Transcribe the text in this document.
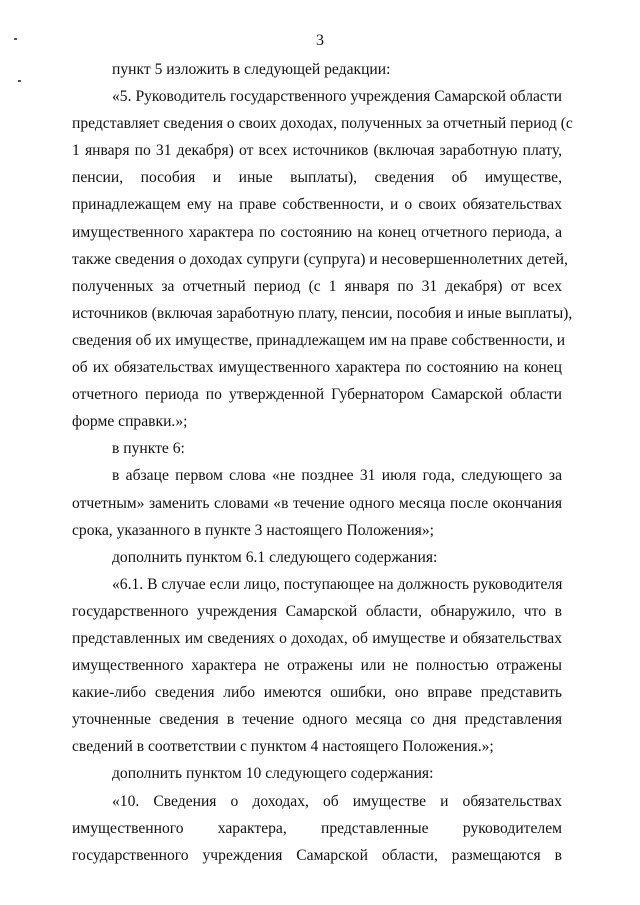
3
пункт 5 изложить в следующей редакции:
«5. Руководитель государственного учреждения Самарской области
представляет сведения о своих доходах, полученных за отчетный период (с
1 января по 31 декабря) от всех источников (включая заработную плату,
пенсии, пособия и иные выплаты), сведения об имуществе,
принадлежащем ему на праве собственности, и о своих обязательствах
имущественного характера по состоянию на конец отчетного периода, а
также сведения о доходах супруги (супруга) и несовершеннолетних детей,
полученных за отчетный период (с 1 января по 31 декабря) от всех
источников (включая заработную плату, пенсии, пособия и иные выплаты),
сведения об их имуществе, принадлежащем им на праве собственности, и
об их обязательствах имущественного характера по состоянию на конец
отчетного периода по утвержденной Губернатором Самарской области
форме справки.»;
в пункте 6:
в абзаце первом слова «не позднее 31 июля года, следующего за
отчетным» заменить словами «в течение одного месяца после окончания
срока, указанного в пункте 3 настоящего Положения»;
дополнить пунктом 6.1 следующего содержания:
«6.1. В случае если лицо, поступающее на должность руководителя
государственного учреждения Самарской области, обнаружило, что в
представленных им сведениях о доходах, об имуществе и обязательствах
имущественного характера не отражены или не полностью отражены
какие-либо сведения либо имеются ошибки, оно вправе представить
уточненные сведения в течение одного месяца со дня представления
сведений в соответствии с пунктом 4 настоящего Положения.»;
дополнить пунктом 10 следующего содержания:
«10. Сведения о доходах, об имуществе и обязательствах
имущественного характера, представленные руководителем
государственного учреждения Самарской области, размещаются в
